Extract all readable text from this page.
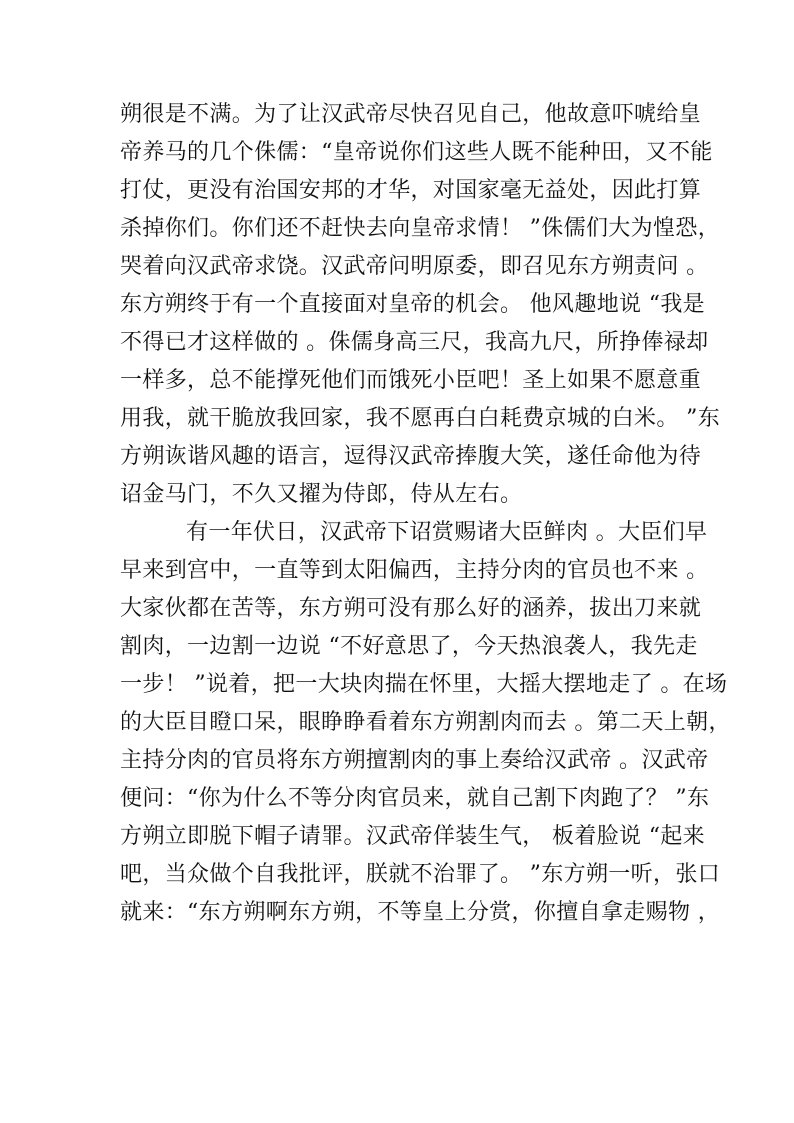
朔很是不满。为了让汉武帝尽快召见自己，他故意吓唬给皇
帝养马的几个侏儒：“皇帝说你们这些人既不能种田，又不能
打仗，更没有治国安邦的才华，对国家毫无益处，因此打算
杀掉你们。你们还不赶快去向皇帝求情！ ”侏儒们大为惶恐，
哭着向汉武帝求饶。汉武帝问明原委，即召见东方朔责问 。
东方朔终于有一个直接面对皇帝的机会。 他风趣地说 “我是
不得已才这样做的 。侏儒身高三尺，我高九尺，所挣俸禄却
一样多，总不能撑死他们而饿死小臣吧！圣上如果不愿意重
用我，就干脆放我回家，我不愿再白白耗费京城的白米。 ”东
方朔诙谐风趣的语言，逗得汉武帝捧腹大笑，遂任命他为待
诏金马门，不久又擢为侍郎，侍从左右。
有一年伏日，汉武帝下诏赏赐诸大臣鲜肉 。大臣们早
早来到宫中，一直等到太阳偏西，主持分肉的官员也不来 。
大家伙都在苦等，东方朔可没有那么好的涵养，拔出刀来就
割肉，一边割一边说 “不好意思了，今天热浪袭人，我先走
一步！ ”说着，把一大块肉揣在怀里，大摇大摆地走了 。在场
的大臣目瞪口呆，眼睁睁看着东方朔割肉而去 。第二天上朝，
主持分肉的官员将东方朔擅割肉的事上奏给汉武帝 。汉武帝
便问：“你为什么不等分肉官员来，就自己割下肉跑了？ ”东
方朔立即脱下帽子请罪。汉武帝佯装生气， 板着脸说 “起来
吧，当众做个自我批评，朕就不治罪了。 ”东方朔一听，张口
就来：“东方朔啊东方朔，不等皇上分赏，你擅自拿走赐物 ，
